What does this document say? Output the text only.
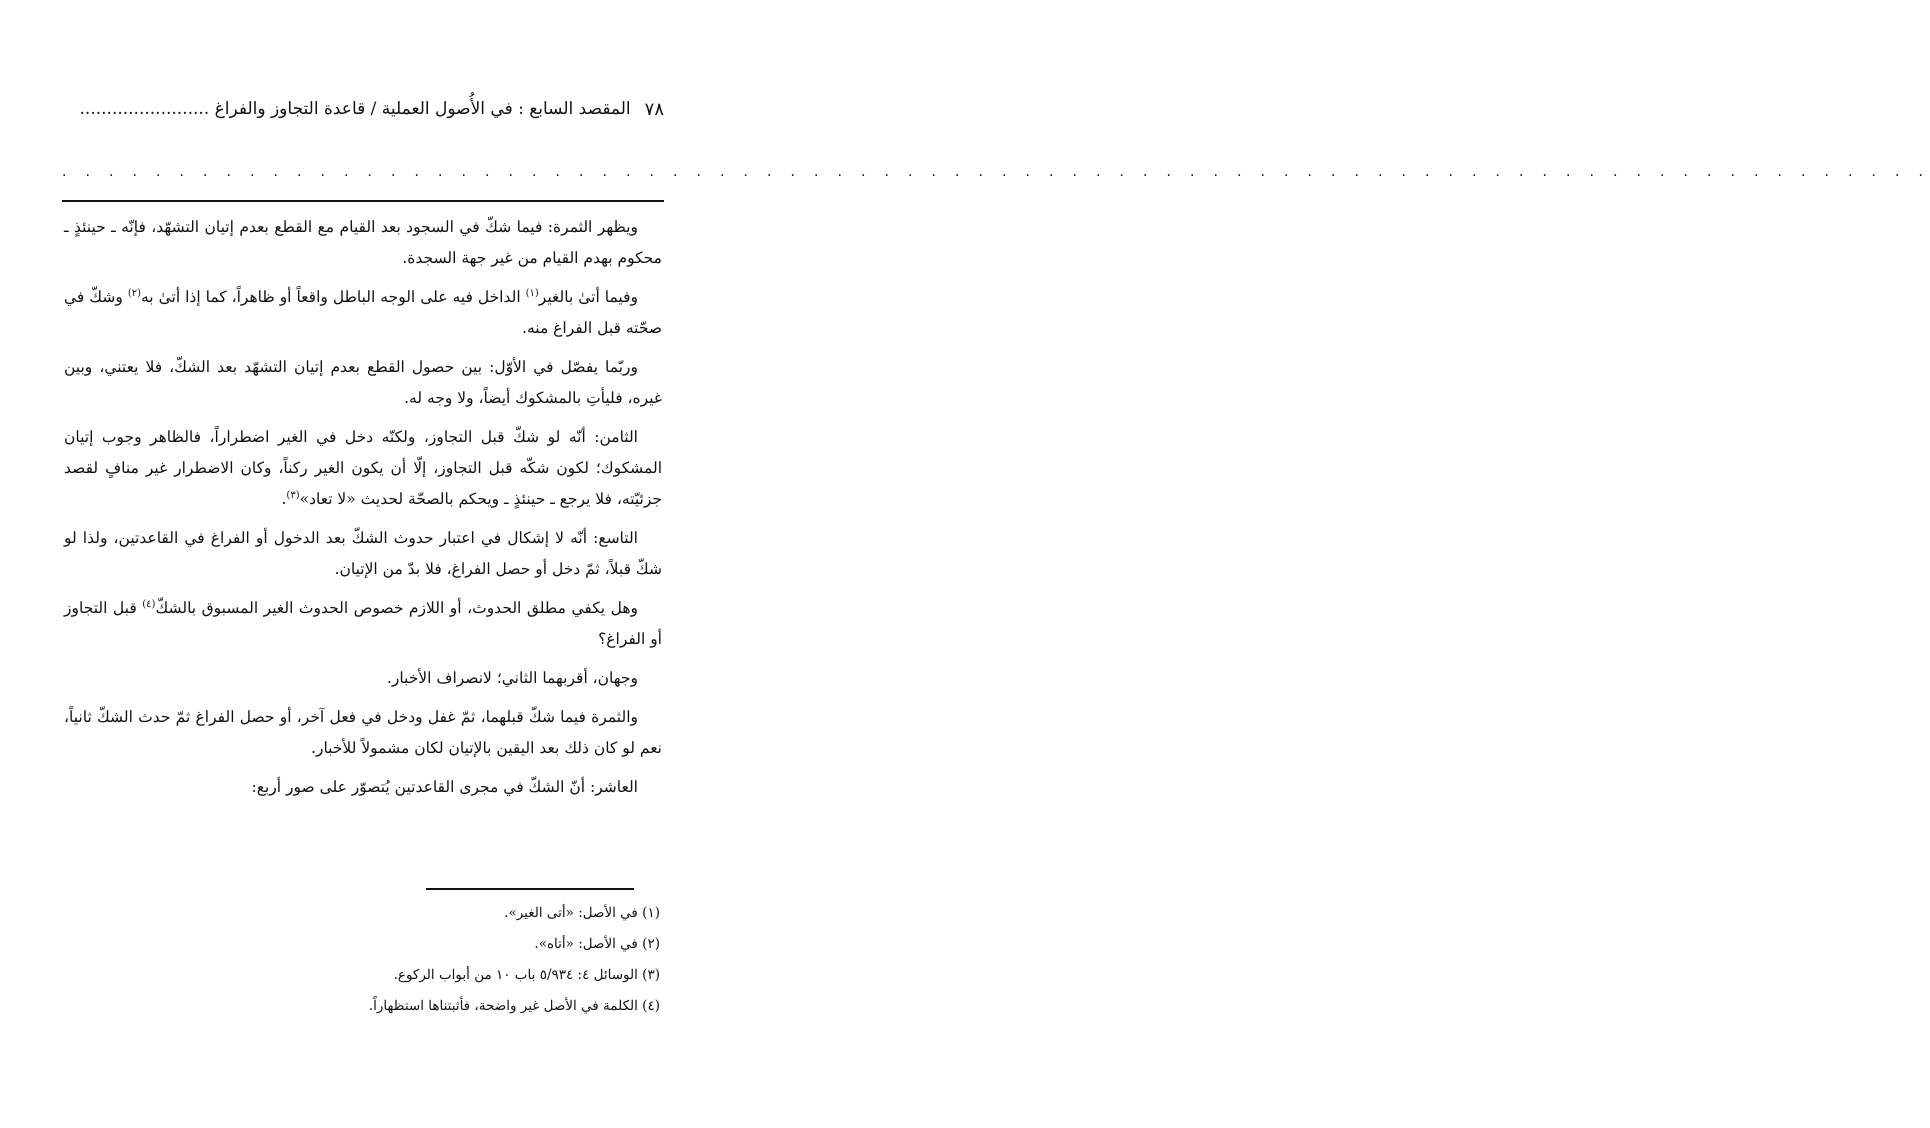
٧٨
المقصد السابع : في الأُصول العملية / قاعدة التجاوز والفراغ ........................
. . . . . . . . . . . . . . . . . . . . . . . . . . . . . . . . . . . . . . . . . . . . . . . . . . . . . . . . . . . . . . . . . . . . . . . . . . . . . . . .

ويظهر الثمرة: فيما شكّ في السجود بعد القيام مع القطع بعدم إتيان التشهّد، فإنّه ـ حينئذٍ ـ محكوم بهدم القيام من غير جهة السجدة.

وفيما أتىٰ بالغير$^{(١)}$ الداخل فيه على الوجه الباطل واقعاً أو ظاهراً، كما إذا أتىٰ به$^{(٢)}$ وشكّ في صحّته قبل الفراغ منه.

وربّما يفصّل في الأوّل: بين حصول القطع بعدم إتيان التشهّد بعد الشكّ، فلا يعتني، وبين غيره، فليأتِ بالمشكوك أيضاً، ولا وجه له.

الثامن: أنّه لو شكّ قبل التجاوز، ولكنّه دخل في الغير اضطراراً، فالظاهر وجوب إتيان المشكوك؛ لكون شكّه قبل التجاوز، إلّا أن يكون الغير ركناً، وكان الاضطرار غير منافٍ لقصد جزئيّته، فلا يرجع ـ حينئذٍ ـ ويحكم بالصحّة لحديث «لا تعاد»$^{(٣)}$.

التاسع: أنّه لا إشكال في اعتبار حدوث الشكّ بعد الدخول أو الفراغ في القاعدتين، ولذا لو شكّ قبلاً، ثمّ دخل أو حصل الفراغ، فلا بدّ من الإتيان.

وهل يكفي مطلق الحدوث، أو اللازم خصوص الحدوث الغير المسبوق بالشكّ$^{(٤)}$ قبل التجاوز أو الفراغ؟

وجهان، أقربهما الثاني؛ لانصراف الأخبار.

والثمرة فيما شكّ قبلهما، ثمّ غفل ودخل في فعل آخر، أو حصل الفراغ ثمّ حدث الشكّ ثانياً، نعم لو كان ذلك بعد اليقين بالإتيان لكان مشمولاً للأخبار.

العاشر: أنّ الشكّ في مجرى القاعدتين يُتصوّر على صور أربع:

(١) في الأصل: «أتى الغير».
(٢) في الأصل: «أتاه».
(٣) الوسائل ٤: ٥/٩٣٤ باب ١٠ من أبواب الركوع.
(٤) الكلمة في الأصل غير واضحة، فأثبتناها استظهاراً.
